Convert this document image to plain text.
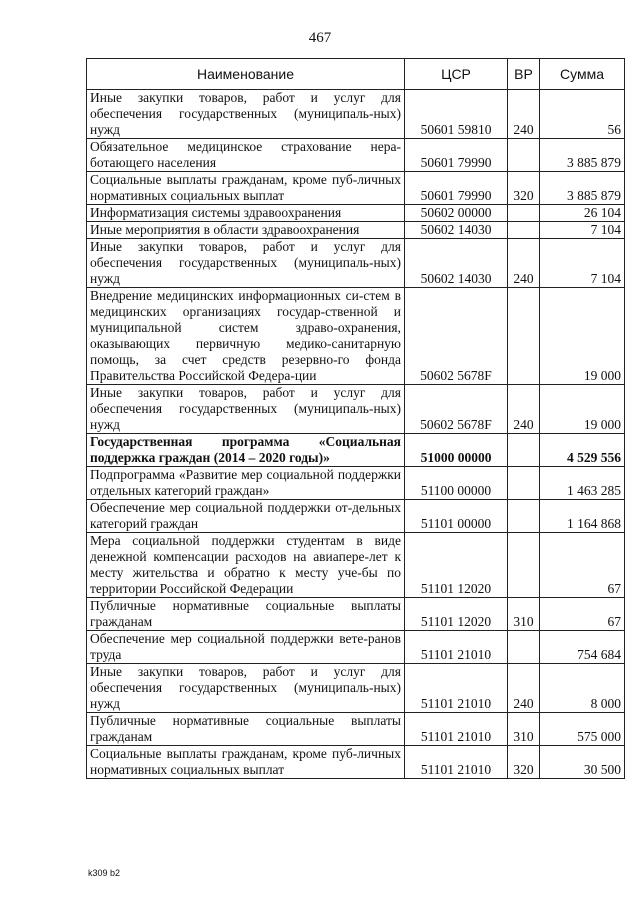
467
Наименование	ЦСР	ВР	Сумма
Иные закупки товаров, работ и услуг для обеспечения государственных (муниципаль-ных) нужд	50601 59810	240	56
Обязательное медицинское страхование нера-ботающего населения	50601 79990		3 885 879
Социальные выплаты гражданам, кроме пуб-личных нормативных социальных выплат	50601 79990	320	3 885 879
Информатизация системы здравоохранения	50602 00000		26 104
Иные мероприятия в области здравоохранения	50602 14030		7 104
Иные закупки товаров, работ и услуг для обеспечения государственных (муниципаль-ных) нужд	50602 14030	240	7 104
Внедрение медицинских информационных си-стем в медицинских организациях государ-ственной и муниципальной систем здраво-охранения, оказывающих первичную медико-санитарную помощь, за счет средств резервно-го фонда Правительства Российской Федера-ции	50602 5678F		19 000
Иные закупки товаров, работ и услуг для обеспечения государственных (муниципаль-ных) нужд	50602 5678F	240	19 000
Государственная программа «Социальная поддержка граждан (2014 – 2020 годы)»	51000 00000		4 529 556
Подпрограмма «Развитие мер социальной поддержки отдельных категорий граждан»	51100 00000		1 463 285
Обеспечение мер социальной поддержки от-дельных категорий граждан	51101 00000		1 164 868
Мера социальной поддержки студентам в виде денежной компенсации расходов на авиапере-лет к месту жительства и обратно к месту уче-бы по территории Российской Федерации	51101 12020		67
Публичные нормативные социальные выплаты гражданам	51101 12020	310	67
Обеспечение мер социальной поддержки вете-ранов труда	51101 21010		754 684
Иные закупки товаров, работ и услуг для обеспечения государственных (муниципаль-ных) нужд	51101 21010	240	8 000
Публичные нормативные социальные выплаты гражданам	51101 21010	310	575 000
Социальные выплаты гражданам, кроме пуб-личных нормативных социальных выплат	51101 21010	320	30 500
k309 b2
